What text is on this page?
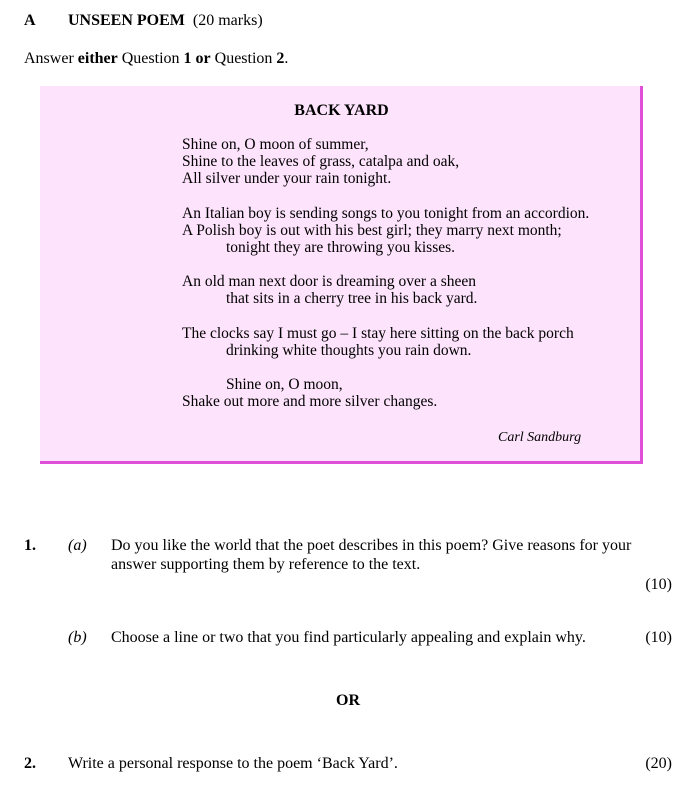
A UNSEEN POEM (20 marks)
Answer either Question 1 or Question 2.
BACK YARD
Shine on, O moon of summer,
Shine to the leaves of grass, catalpa and oak,
All silver under your rain tonight.
An Italian boy is sending songs to you tonight from an accordion.
A Polish boy is out with his best girl; they marry next month;
tonight they are throwing you kisses.
An old man next door is dreaming over a sheen
that sits in a cherry tree in his back yard.
The clocks say I must go – I stay here sitting on the back porch
drinking white thoughts you rain down.
Shine on, O moon,
Shake out more and more silver changes.
Carl Sandburg
1. (a) Do you like the world that the poet describes in this poem? Give reasons for your
answer supporting them by reference to the text.
(10)
(b) Choose a line or two that you find particularly appealing and explain why.	(10)
OR
2. Write a personal response to the poem ‘Back Yard’.	(20)
